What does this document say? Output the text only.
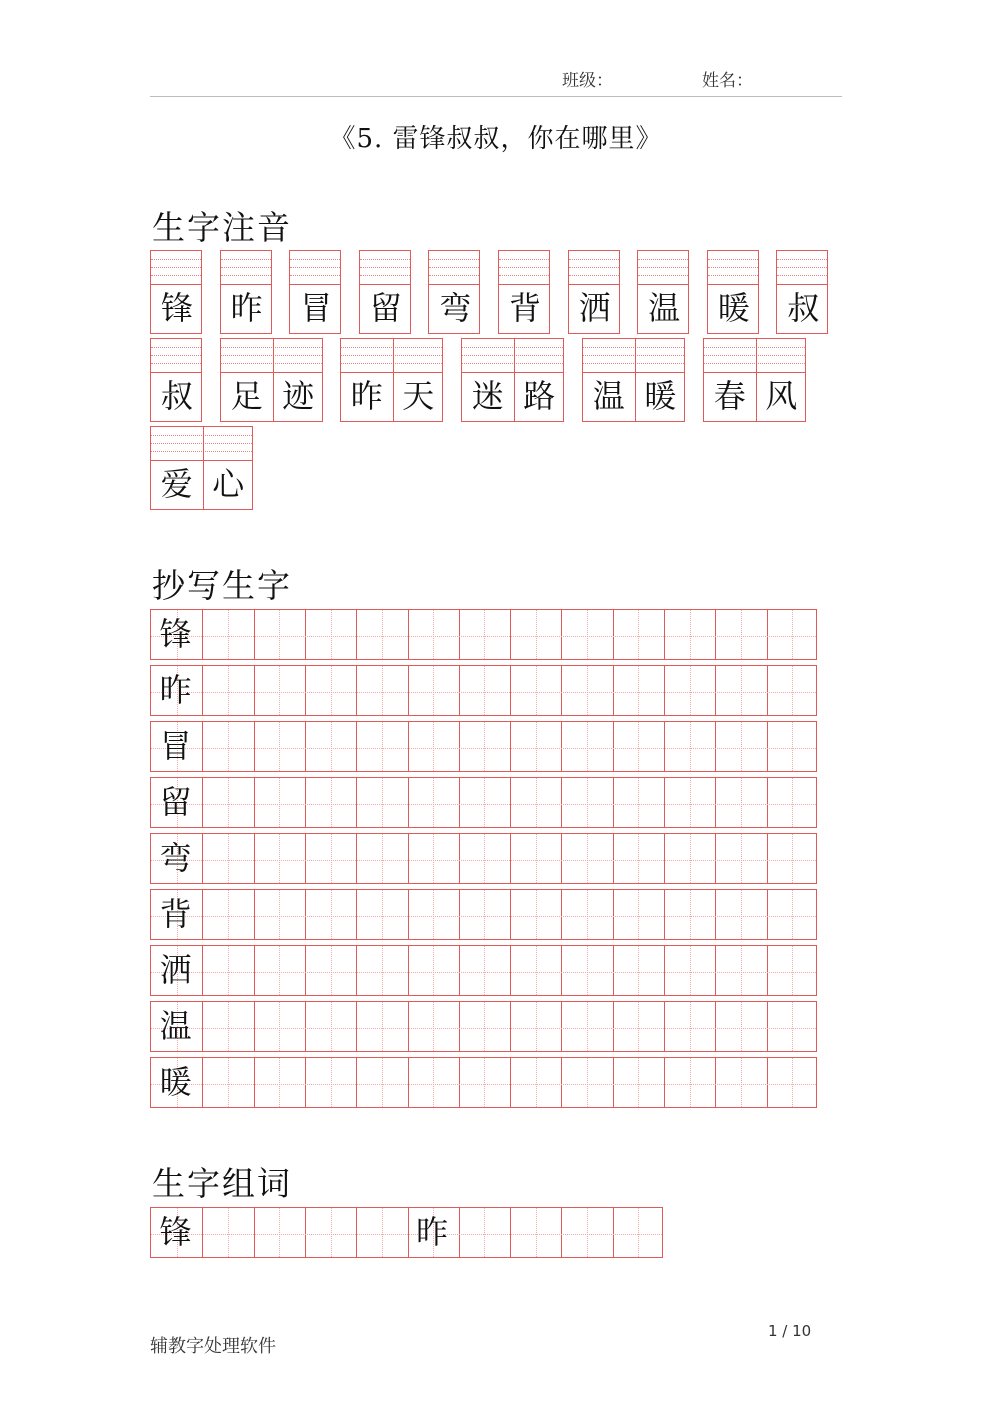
班级：	姓名：
《5. 雷锋叔叔，你在哪里》
生字注音
锋	昨	冒	留	弯	背	洒	温	暖	叔
叔	足 迹	昨 天	迷 路	温 暖	春 风
爱 心
抄写生字
锋
昨
冒
留
弯
背
洒
温
暖
生字组词
锋	昨
辅教字处理软件
1 / 10
